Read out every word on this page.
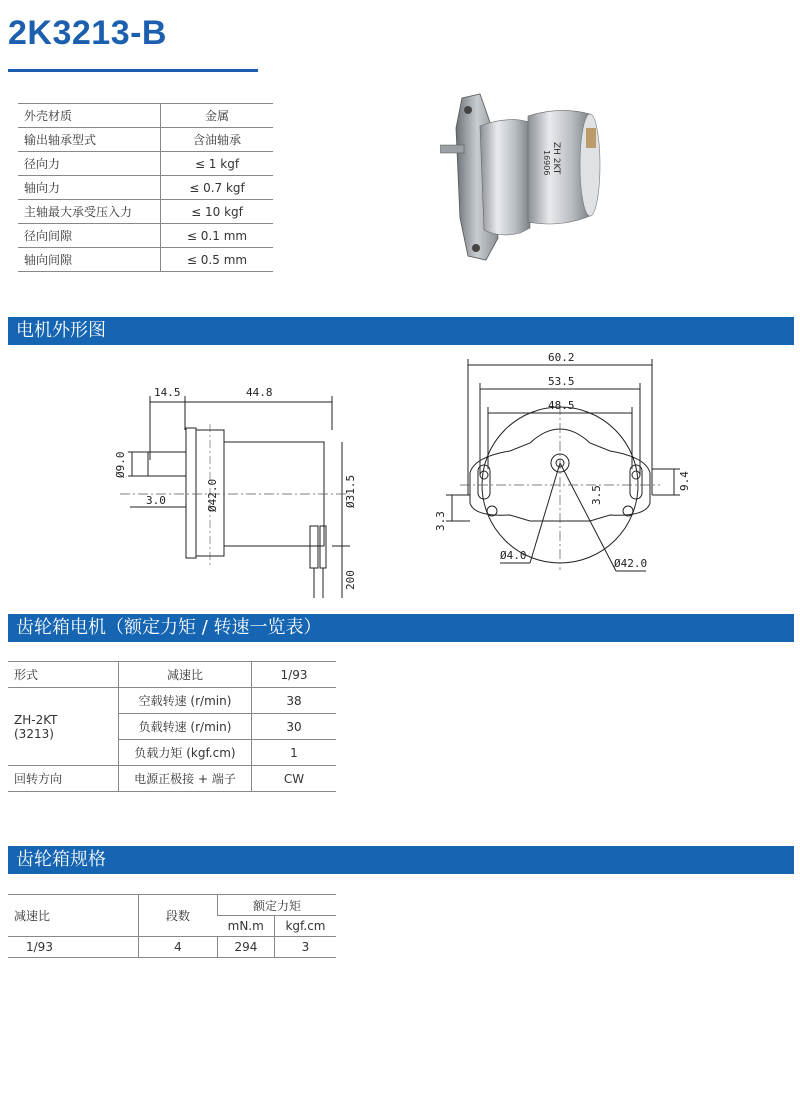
2K3213-B
外壳材质	金属
输出轴承型式	含油轴承
径向力	≤ 1 kgf
轴向力	≤ 0.7 kgf
主轴最大承受压入力	≤ 10 kgf
径向间隙	≤ 0.1 mm
轴向间隙	≤ 0.5 mm
ZH 2KT
16906
电机外形图
14.5	44.8
Ø9.0
3.0	Ø42.0	Ø31.5
200
60.2
53.5
48.5
9.4
3.5
3.3
Ø4.0
Ø42.0
齿轮箱电机（额定力矩 / 转速一览表）
形式	减速比	1/93

ZH-2KT
(3213)	空载转速 (r/min)	38
	负载转速 (r/min)	30
	负载力矩 (kgf.cm)	1
回转方向	电源正极接 + 端子	CW
齿轮箱规格
减速比	段数	额定力矩	
		mN.m	kgf.cm
1/93	4	294	3
